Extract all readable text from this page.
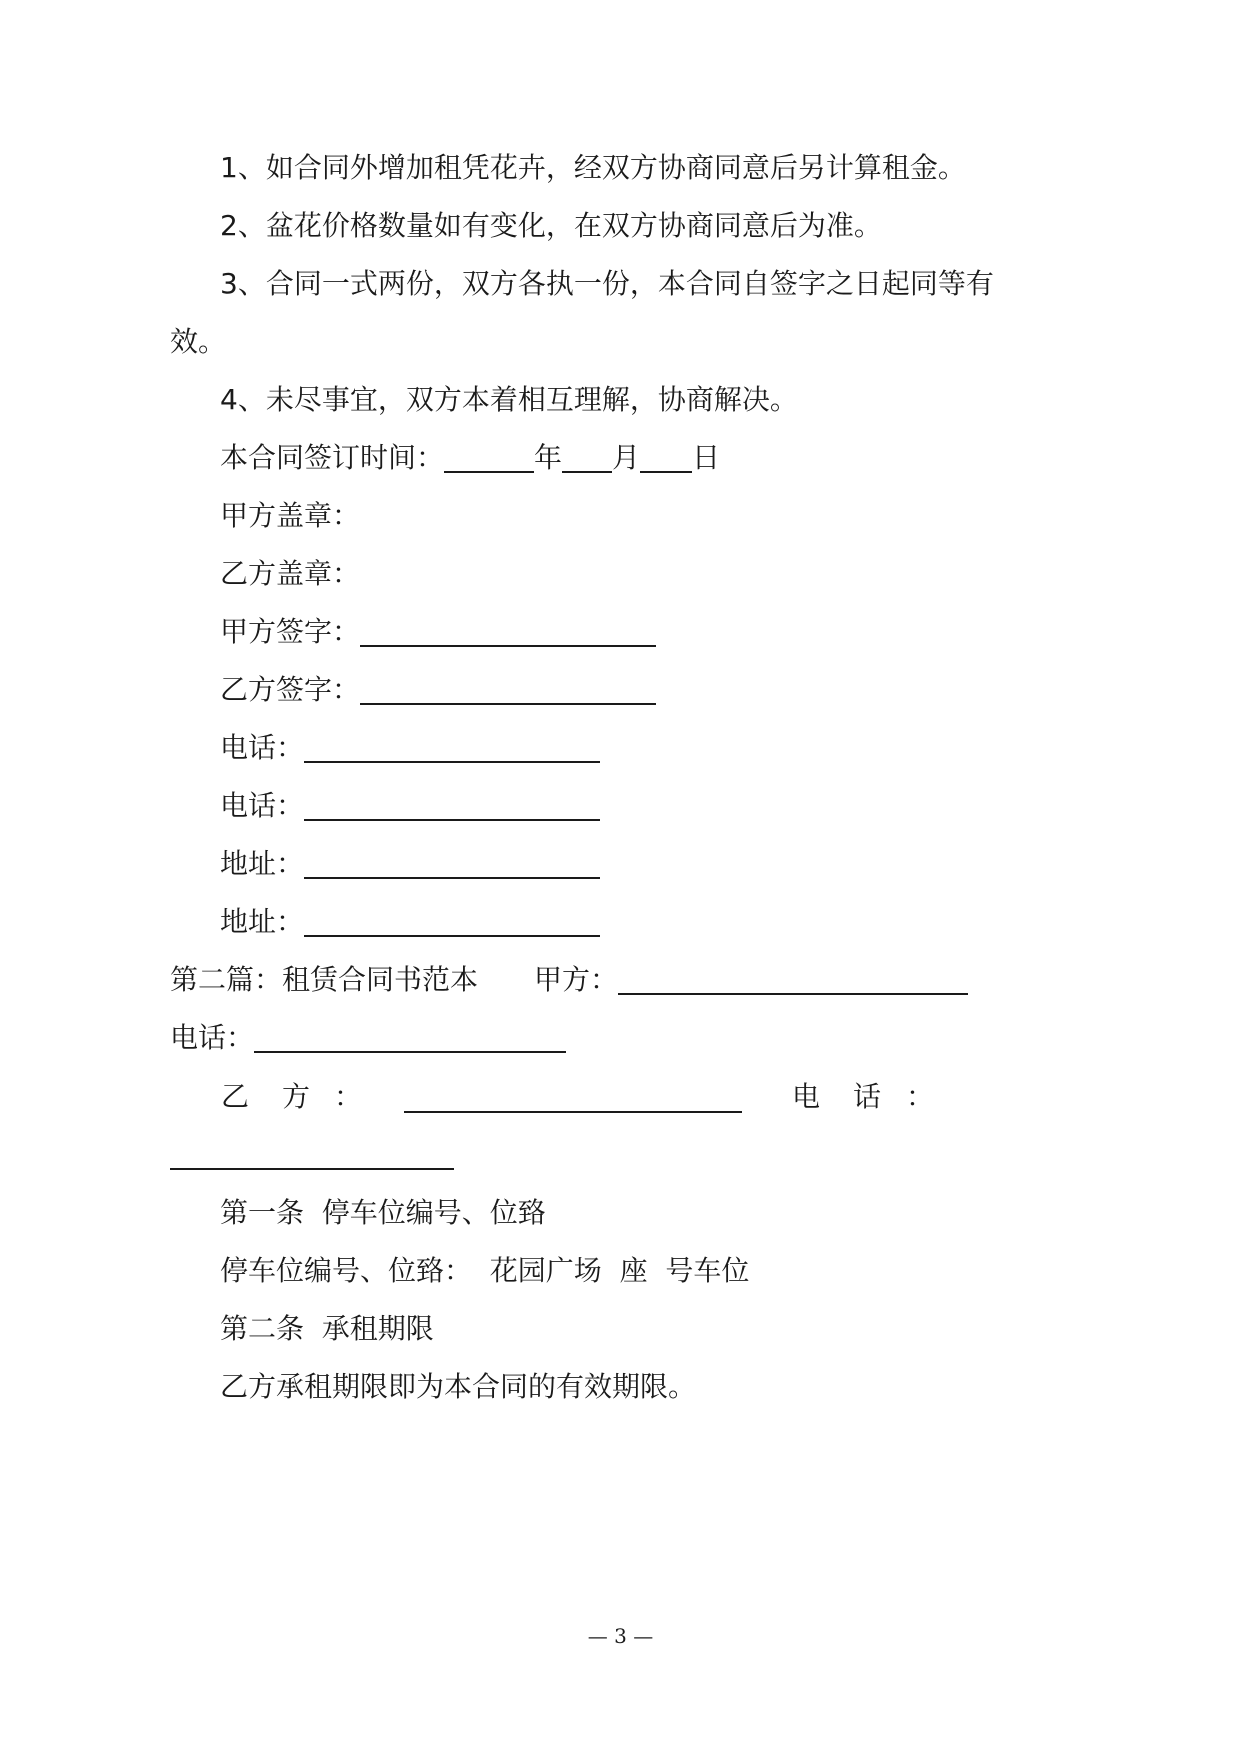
1、如合同外增加租凭花卉，经双方协商同意后另计算租金。
2、盆花价格数量如有变化，在双方协商同意后为准。
3、合同一式两份，双方各执一份，本合同自签字之日起同等有
效。
4、未尽事宜，双方本着相互理解，协商解决。
本合同签订时间：	年 月 日
甲方盖章：
乙方盖章：
甲方签字：
乙方签字：
电话：
电话：
地址：
地址：
第二篇：租赁合同书范本 甲方：
电话：
乙 方 ：	电 话 ：
第一条  停车位编号、位臵
停车位编号、位臵：  花园广场  座  号车位
第二条  承租期限
乙方承租期限即为本合同的有效期限。
— 3 —
